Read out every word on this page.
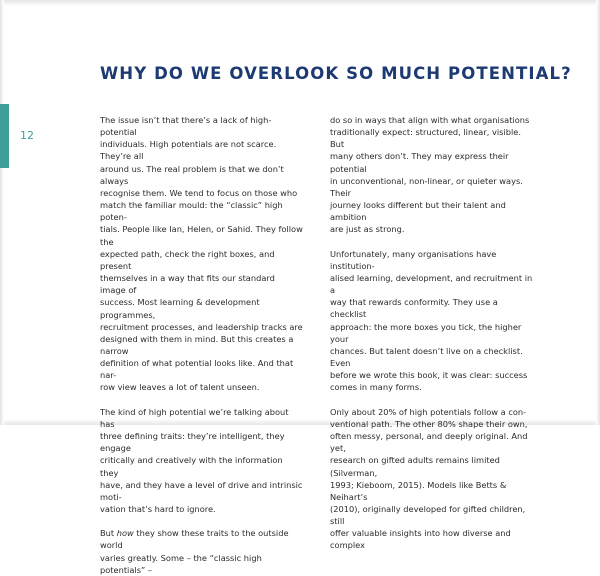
12
WHY DO WE OVERLOOK SO MUCH POTENTIAL?

The issue isn’t that there’s a lack of high-potential
individuals. High potentials are not scarce. They’re all
around us. The real problem is that we don’t always
recognise them. We tend to focus on those who
match the familiar mould: the “classic” high poten-
tials. People like Ian, Helen, or Sahid. They follow the
expected path, check the right boxes, and present
themselves in a way that fits our standard image of
success. Most learning & development programmes,
recruitment processes, and leadership tracks are
designed with them in mind. But this creates a narrow
definition of what potential looks like. And that nar-
row view leaves a lot of talent unseen.

The kind of high potential we’re talking about has
three defining traits: they’re intelligent, they engage
critically and creatively with the information they
have, and they have a level of drive and intrinsic moti-
vation that’s hard to ignore.

But how they show these traits to the outside world
varies greatly. Some – the “classic high potentials” –

do so in ways that align with what organisations
traditionally expect: structured, linear, visible. But
many others don’t. They may express their potential
in unconventional, non-linear, or quieter ways. Their
journey looks different but their talent and ambition
are just as strong.

Unfortunately, many organisations have institution-
alised learning, development, and recruitment in a
way that rewards conformity. They use a checklist
approach: the more boxes you tick, the higher your
chances. But talent doesn’t live on a checklist. Even
before we wrote this book, it was clear: success
comes in many forms.

Only about 20% of high potentials follow a con-
ventional path. The other 80% shape their own,
often messy, personal, and deeply original. And yet,
research on gifted adults remains limited (Silverman,
1993; Kieboom, 2015). Models like Betts & Neihart’s
(2010), originally developed for gifted children, still
offer valuable insights into how diverse and complex
